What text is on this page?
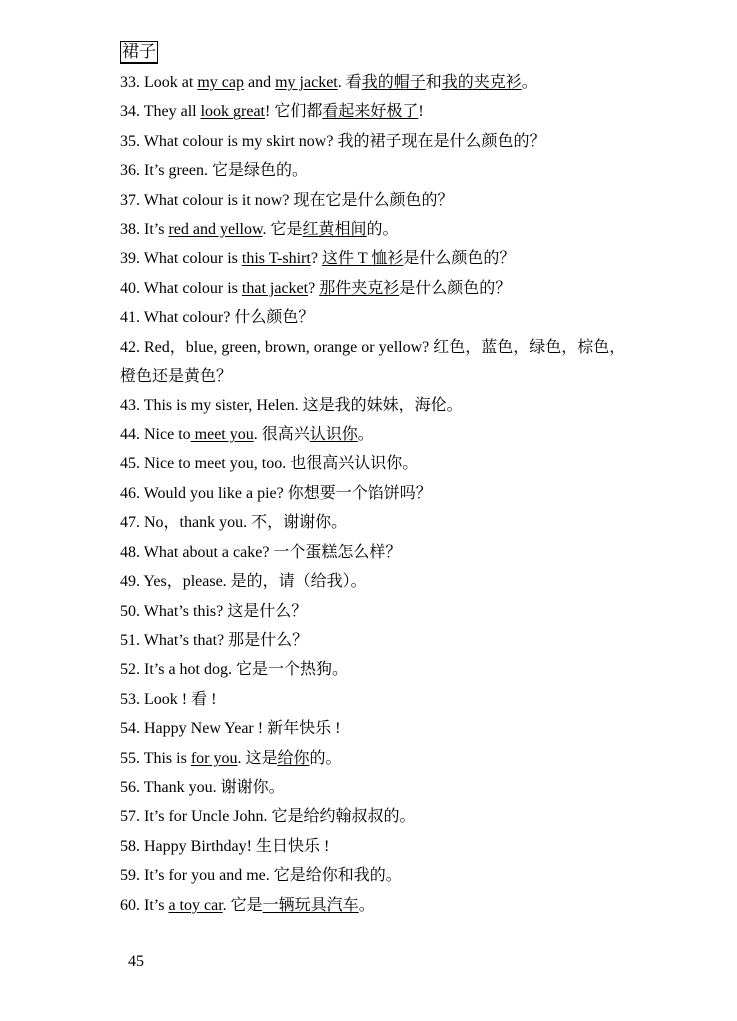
裙子
33. Look at my cap and my jacket. 看我的帽子和我的夹克衫。
34. They all look great! 它们都看起来好极了!
35. What colour is my skirt now? 我的裙子现在是什么颜色的？
36. It’s green. 它是绿色的。
37. What colour is it now? 现在它是什么颜色的？
38. It’s red and yellow. 它是红黄相间的。
39. What colour is this T-shirt? 这件 T 恤衫是什么颜色的？
40. What colour is that jacket? 那件夹克衫是什么颜色的？
41. What colour? 什么颜色？
42. Red，blue, green, brown, orange or yellow? 红色，蓝色，绿色，棕色，橙色还是黄色？
43. This is my sister, Helen. 这是我的妹妹，海伦。
44. Nice to meet you. 很高兴认识你。
45. Nice to meet you, too. 也很高兴认识你。
46. Would you like a pie? 你想要一个馅饼吗？
47. No，thank you. 不，谢谢你。
48. What about a cake? 一个蛋糕怎么样？
49. Yes，please. 是的，请（给我）。
50. What’s this? 这是什么？
51. What’s that? 那是什么？
52. It’s a hot dog. 它是一个热狗。
53. Look ! 看 !
54. Happy New Year ! 新年快乐 !
55. This is for you. 这是给你的。
56. Thank you. 谢谢你。
57. It’s for Uncle John. 它是给约翰叔叔的。
58. Happy Birthday! 生日快乐 !
59. It’s for you and me. 它是给你和我的。
60. It’s a toy car. 它是一辆玩具汽车。
45
